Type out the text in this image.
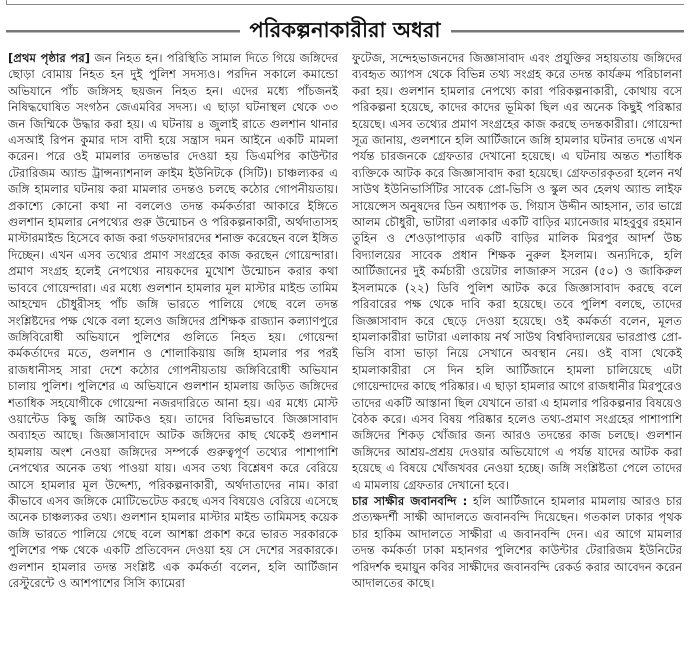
পরিকল্পনাকারীরা অধরা

[প্রথম পৃষ্ঠার পর] জন নিহত হন। পরিস্থিতি সামাল দিতে গিয়ে জঙ্গিদের ছোড়া বোমায় নিহত হন দুই পুলিশ সদস্যও। পরদিন সকালে কমান্ডো অভিযানে পাঁচ জঙ্গিসহ ছয়জন নিহত হন। এদের মধ্যে পাঁচজনই নিষিদ্ধঘোষিত সংগঠন জেএমবির সদস্য। এ ছাড়া ঘটনাস্থল থেকে ৩৩ জন জিম্মিকে উদ্ধার করা হয়। এ ঘটনায় ৪ জুলাই রাতে গুলশান থানার এসআই রিপন কুমার দাস বাদী হয়ে সন্ত্রাস দমন আইনে একটি মামলা করেন। পরে ওই মামলার তদন্তভার দেওয়া হয় ডিএমপির কাউন্টার টেরারিজম অ্যান্ড ট্রান্সন্যাশনাল ক্রাইম ইউনিটকে (সিটি)। চাঞ্চল্যকর এ জঙ্গি হামলার ঘটনায় করা মামলার তদন্তও চলছে কঠোর গোপনীয়তায়। প্রকাশ্যে কোনো কথা না বললেও তদন্ত কর্মকর্তারা আকারে ইঙ্গিতে গুলশান হামলার নেপথ্যের গুরু উন্মোচন ও পরিকল্পনাকারী, অর্থদাতাসহ মাস্টারমাইন্ড হিসেবে কাজ করা গডফাদারদের শনাক্ত করেছেন বলে ইঙ্গিত দিচ্ছেন। এখন এসব তথ্যের প্রমাণ সংগ্রহের কাজ করছেন গোয়েন্দারা। প্রমাণ সংগ্রহ হলেই নেপথ্যের নায়কদের মুখোশ উন্মোচন করার কথা ভাববে গোয়েন্দারা। এর মধ্যে গুলশান হামলার মূল মাস্টার মাইন্ড তামিম আহম্মেদ চৌধুরীসহ পাঁচ জঙ্গি ভারতে পালিয়ে গেছে বলে তদন্ত সংশ্লিষ্টদের পক্ষ থেকে বলা হলেও জঙ্গিদের প্রশিক্ষক রাজ্যান কল্যাণপুরে জঙ্গিবিরোধী অভিযানে পুলিশের গুলিতে নিহত হয়। গোয়েন্দা কর্মকর্তাদের মতে, গুলশান ও শোলাকিয়ায় জঙ্গি হামলার পর পরই রাজধানীসহ সারা দেশে কঠোর গোপনীয়তায় জঙ্গিবিরোধী অভিযান চালায় পুলিশ। পুলিশের এ অভিযানে গুলশান হামলায় জড়িত জঙ্গিদের শতাধিক সহযোগীকে গোয়েন্দা নজরদারিতে আনা হয়। এর মধ্যে মোস্ট ওয়ান্টেড কিছু জঙ্গি আটকও হয়। তাদের বিভিন্নভাবে জিজ্ঞাসাবাদ অব্যাহত আছে। জিজ্ঞাসাবাদে আটক জঙ্গিদের কাছ থেকেই গুলশান হামলায় অংশ নেওয়া জঙ্গিদের সম্পর্কে গুরুত্বপূর্ণ তথ্যের পাশাপাশি নেপথ্যের অনেক তথ্য পাওয়া যায়। এসব তথ্য বিশ্লেষণ করে বেরিয়ে আসে হামলার মূল উদ্দেশ্য, পরিকল্পনাকারী, অর্থদাতাদের নাম। কারা কীভাবে এসব জঙ্গিকে মোটিভেটেড করছে এসব বিষয়েও বেরিয়ে এসেছে অনেক চাঞ্চল্যকর তথ্য। গুলশান হামলার মাস্টার মাইন্ড তামিমসহ কয়েক জঙ্গি ভারতে পালিয়ে গেছে বলে আশঙ্কা প্রকাশ করে ভারত সরকারকে পুলিশের পক্ষ থেকে একটি প্রতিবেদন দেওয়া হয় সে দেশের সরকারকে। গুলশান হামলার তদন্ত সংশ্লিষ্ট এক কর্মকর্তা বলেন, হলি আর্টিজান রেস্টুরেন্টে ও আশপাশের সিসি ক্যামেরা

ফুটেজ, সন্দেহভাজনদের জিজ্ঞাসাবাদ এবং প্রযুক্তির সহায়তায় জঙ্গিদের ব্যবহৃত অ্যাপস থেকে বিভিন্ন তথ্য সংগ্রহ করে তদন্ত কার্যক্রম পরিচালনা করা হয়। গুলশান হামলার নেপথ্যে কারা পরিকল্পনাকারী, কোথায় বসে পরিকল্পনা হয়েছে, কাদের কাদের ভূমিকা ছিল এর অনেক কিছুই পরিষ্কার হয়েছে। এসব তথ্যের প্রমাণ সংগ্রহের কাজ করছে তদন্তকারীরা। গোয়েন্দা সূত্র জানায়, গুলশানে হলি আর্টিজানে জঙ্গি হামলার ঘটনার তদন্তে এখন পর্যন্ত চারজনকে গ্রেফতার দেখানো হয়েছে। এ ঘটনায় অন্তত শতাধিক ব্যক্তিকে আটক করে জিজ্ঞাসাবাদ করা হয়েছে। গ্রেফতারকৃতরা হলেন নর্থ সাউথ ইউনিভার্সিটির সাবেক প্রো-ভিসি ও স্কুল অব হেলথ অ্যান্ড লাইফ সায়েন্সেস অনুষদের ডিন অধ্যাপক ড. গিয়াস উদ্দীন আহসান, তার ভাগ্নে আলম চৌধুরী, ভাটারা এলাকার একটি বাড়ির ম্যানেজার মাহবুবুর রহমান তুহিন ও শেওড়াপাড়ার একটি বাড়ির মালিক মিরপুর আদর্শ উচ্চ বিদ্যালয়ের সাবেক প্রধান শিক্ষক নুরুল ইসলাম। অন্যদিকে, হলি আর্টিজানের দুই কর্মচারী ওয়েটার লাজারুস সরেন (৫০) ও জাকিরুল ইসলামকে (২২) ডিবি পুলিশ আটক করে জিজ্ঞাসাবাদ করছে বলে পরিবারের পক্ষ থেকে দাবি করা হয়েছে। তবে পুলিশ বলছে, তাদের জিজ্ঞাসাবাদ করে ছেড়ে দেওয়া হয়েছে। ওই কর্মকর্তা বলেন, মূলত হামলাকারীরা ভাটারা এলাকায় নর্থ সাউথ বিশ্ববিদ্যালয়ের ভারপ্রাপ্ত প্রো-ভিসি বাসা ভাড়া নিয়ে সেখানে অবস্থান নেয়। ওই বাসা থেকেই হামলাকারীরা সে দিন হলি আর্টিজানে হামলা চালিয়েছে এটা গোয়েন্দাদের কাছে পরিষ্কার। এ ছাড়া হামলার আগে রাজধানীর মিরপুরেও তাদের একটি আস্তানা ছিল যেখানে তারা এ হামলার পরিকল্পনার বিষয়েও বৈঠক করে। এসব বিষয় পরিষ্কার হলেও তথ্য-প্রমাণ সংগ্রহের পাশাপাশি জঙ্গিদের শিকড় খোঁজার জন্য আরও তদন্তের কাজ চলছে। গুলশান জঙ্গিদের আশ্রয়-প্রশ্রয় দেওয়ার অভিযোগে এ পর্যন্ত যাদের আটক করা হয়েছে এ বিষয়ে খোঁজখবর নেওয়া হচ্ছে। জঙ্গি সংশ্লিষ্টতা পেলে তাদের এ মামলায় গ্রেফতার দেখানো হবে।

চার সাক্ষীর জবানবন্দি : হলি আর্টিজানে হামলার মামলায় আরও চার প্রত্যক্ষদর্শী সাক্ষী আদালতে জবানবন্দি দিয়েছেন। গতকাল ঢাকার পৃথক চার হাকিম আদালতে সাক্ষীরা এ জবানবন্দি দেন। এর আগে মামলার তদন্ত কর্মকর্তা ঢাকা মহানগর পুলিশের কাউন্টার টেরারিজম ইউনিটের পরিদর্শক হুমায়ুন কবির সাক্ষীদের জবানবন্দি রেকর্ড করার আবেদন করেন আদালতের কাছে।
